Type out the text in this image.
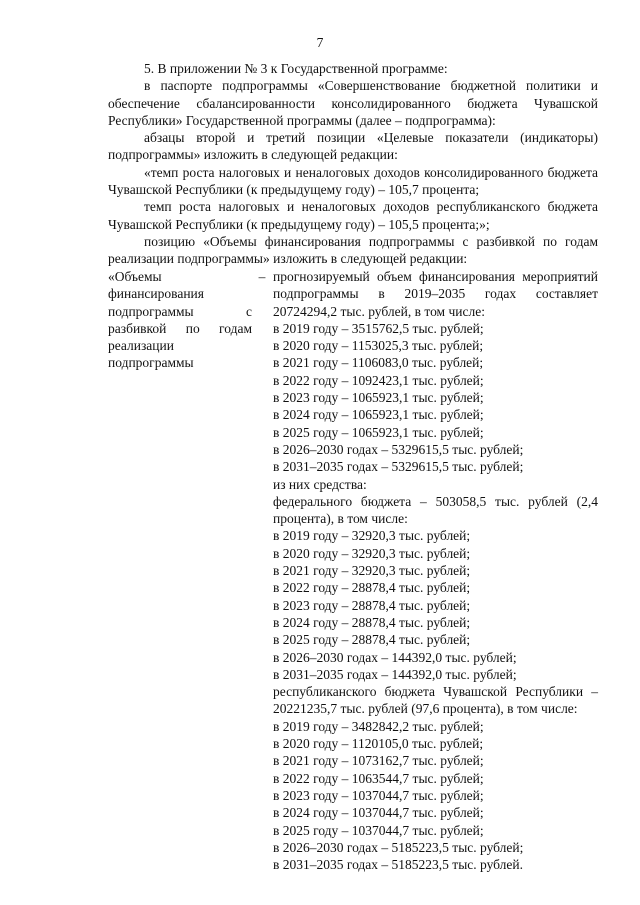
7

5. В приложении № 3 к Государственной программе:

в паспорте подпрограммы «Совершенствование бюджетной политики и обеспечение сбалансированности консолидированного бюджета Чувашской Республики» Государственной программы (далее – подпрограмма):

абзацы второй и третий позиции «Целевые показатели (индикаторы) подпрограммы» изложить в следующей редакции:

«темп роста налоговых и неналоговых доходов консолидированного бюджета Чувашской Республики (к предыдущему году) – 105,7 процента;

темп роста налоговых и неналоговых доходов республиканского бюджета Чувашской Республики (к предыдущему году) – 105,5 процента;»;

позицию «Объемы финансирования подпрограммы с разбивкой по годам реализации подпрограммы» изложить в следующей редакции:

«Объемы финансирования подпрограммы с разбивкой по годам реализации подпрограммы
– прогнозируемый объем финансирования мероприятий подпрограммы в 2019–2035 годах составляет 20724294,2 тыс. рублей, в том числе:
в 2019 году – 3515762,5 тыс. рублей;
в 2020 году – 1153025,3 тыс. рублей;
в 2021 году – 1106083,0 тыс. рублей;
в 2022 году – 1092423,1 тыс. рублей;
в 2023 году – 1065923,1 тыс. рублей;
в 2024 году – 1065923,1 тыс. рублей;
в 2025 году – 1065923,1 тыс. рублей;
в 2026–2030 годах – 5329615,5 тыс. рублей;
в 2031–2035 годах – 5329615,5 тыс. рублей;
из них средства:
федерального бюджета – 503058,5 тыс. рублей (2,4 процента), в том числе:
в 2019 году – 32920,3 тыс. рублей;
в 2020 году – 32920,3 тыс. рублей;
в 2021 году – 32920,3 тыс. рублей;
в 2022 году – 28878,4 тыс. рублей;
в 2023 году – 28878,4 тыс. рублей;
в 2024 году – 28878,4 тыс. рублей;
в 2025 году – 28878,4 тыс. рублей;
в 2026–2030 годах – 144392,0 тыс. рублей;
в 2031–2035 годах – 144392,0 тыс. рублей;
республиканского бюджета Чувашской Республики – 20221235,7 тыс. рублей (97,6 процента), в том числе:
в 2019 году – 3482842,2 тыс. рублей;
в 2020 году – 1120105,0 тыс. рублей;
в 2021 году – 1073162,7 тыс. рублей;
в 2022 году – 1063544,7 тыс. рублей;
в 2023 году – 1037044,7 тыс. рублей;
в 2024 году – 1037044,7 тыс. рублей;
в 2025 году – 1037044,7 тыс. рублей;
в 2026–2030 годах – 5185223,5 тыс. рублей;
в 2031–2035 годах – 5185223,5 тыс. рублей.
